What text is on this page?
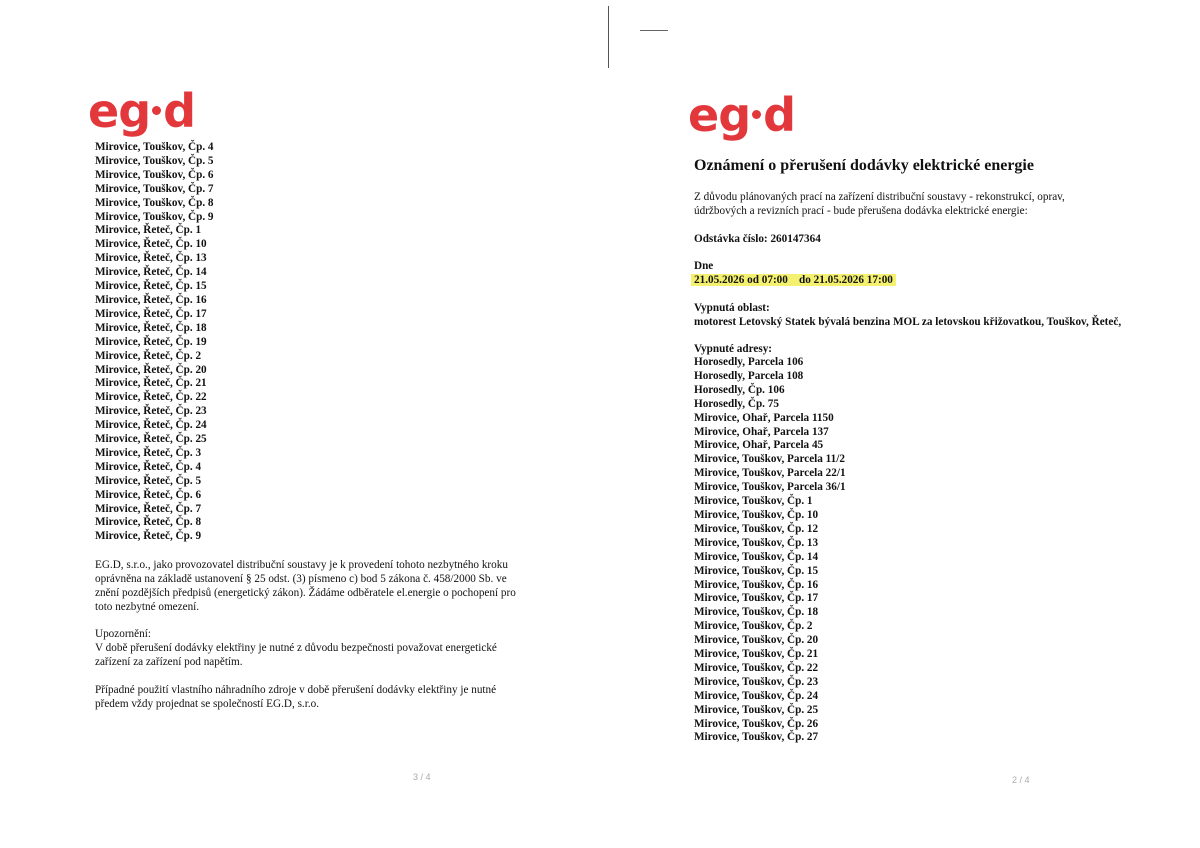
eg d
Mirovice, Touškov, Čp. 4
Mirovice, Touškov, Čp. 5
Mirovice, Touškov, Čp. 6
Mirovice, Touškov, Čp. 7
Mirovice, Touškov, Čp. 8
Mirovice, Touškov, Čp. 9
Mirovice, Řeteč, Čp. 1
Mirovice, Řeteč, Čp. 10
Mirovice, Řeteč, Čp. 13
Mirovice, Řeteč, Čp. 14
Mirovice, Řeteč, Čp. 15
Mirovice, Řeteč, Čp. 16
Mirovice, Řeteč, Čp. 17
Mirovice, Řeteč, Čp. 18
Mirovice, Řeteč, Čp. 19
Mirovice, Řeteč, Čp. 2
Mirovice, Řeteč, Čp. 20
Mirovice, Řeteč, Čp. 21
Mirovice, Řeteč, Čp. 22
Mirovice, Řeteč, Čp. 23
Mirovice, Řeteč, Čp. 24
Mirovice, Řeteč, Čp. 25
Mirovice, Řeteč, Čp. 3
Mirovice, Řeteč, Čp. 4
Mirovice, Řeteč, Čp. 5
Mirovice, Řeteč, Čp. 6
Mirovice, Řeteč, Čp. 7
Mirovice, Řeteč, Čp. 8
Mirovice, Řeteč, Čp. 9
EG.D, s.r.o., jako provozovatel distribuční soustavy je k provedení tohoto nezbytného kroku
oprávněna na základě ustanovení § 25 odst. (3) písmeno c) bod 5 zákona č. 458/2000 Sb. ve
znění pozdějších předpisů (energetický zákon). Žádáme odběratele el.energie o pochopení pro
toto nezbytné omezení.
Upozornění:
V době přerušení dodávky elektřiny je nutné z důvodu bezpečnosti považovat energetické
zařízení za zařízení pod napětím.
Případné použití vlastního náhradního zdroje v době přerušení dodávky elektřiny je nutné
předem vždy projednat se společností EG.D, s.r.o.
3 / 4
eg d
Oznámení o přerušení dodávky elektrické energie
Z důvodu plánovaných prací na zařízení distribuční soustavy - rekonstrukcí, oprav,
údržbových a revizních prací - bude přerušena dodávka elektrické energie:
Odstávka číslo: 260147364
Dne
21.05.2026 od 07:00    do 21.05.2026 17:00
Vypnutá oblast:
motorest Letovský Statek bývalá benzina MOL za letovskou křižovatkou, Touškov, Řeteč,
Vypnuté adresy:
Horosedly, Parcela 106
Horosedly, Parcela 108
Horosedly, Čp. 106
Horosedly, Čp. 75
Mirovice, Ohař, Parcela 1150
Mirovice, Ohař, Parcela 137
Mirovice, Ohař, Parcela 45
Mirovice, Touškov, Parcela 11/2
Mirovice, Touškov, Parcela 22/1
Mirovice, Touškov, Parcela 36/1
Mirovice, Touškov, Čp. 1
Mirovice, Touškov, Čp. 10
Mirovice, Touškov, Čp. 12
Mirovice, Touškov, Čp. 13
Mirovice, Touškov, Čp. 14
Mirovice, Touškov, Čp. 15
Mirovice, Touškov, Čp. 16
Mirovice, Touškov, Čp. 17
Mirovice, Touškov, Čp. 18
Mirovice, Touškov, Čp. 2
Mirovice, Touškov, Čp. 20
Mirovice, Touškov, Čp. 21
Mirovice, Touškov, Čp. 22
Mirovice, Touškov, Čp. 23
Mirovice, Touškov, Čp. 24
Mirovice, Touškov, Čp. 25
Mirovice, Touškov, Čp. 26
Mirovice, Touškov, Čp. 27
2 / 4
